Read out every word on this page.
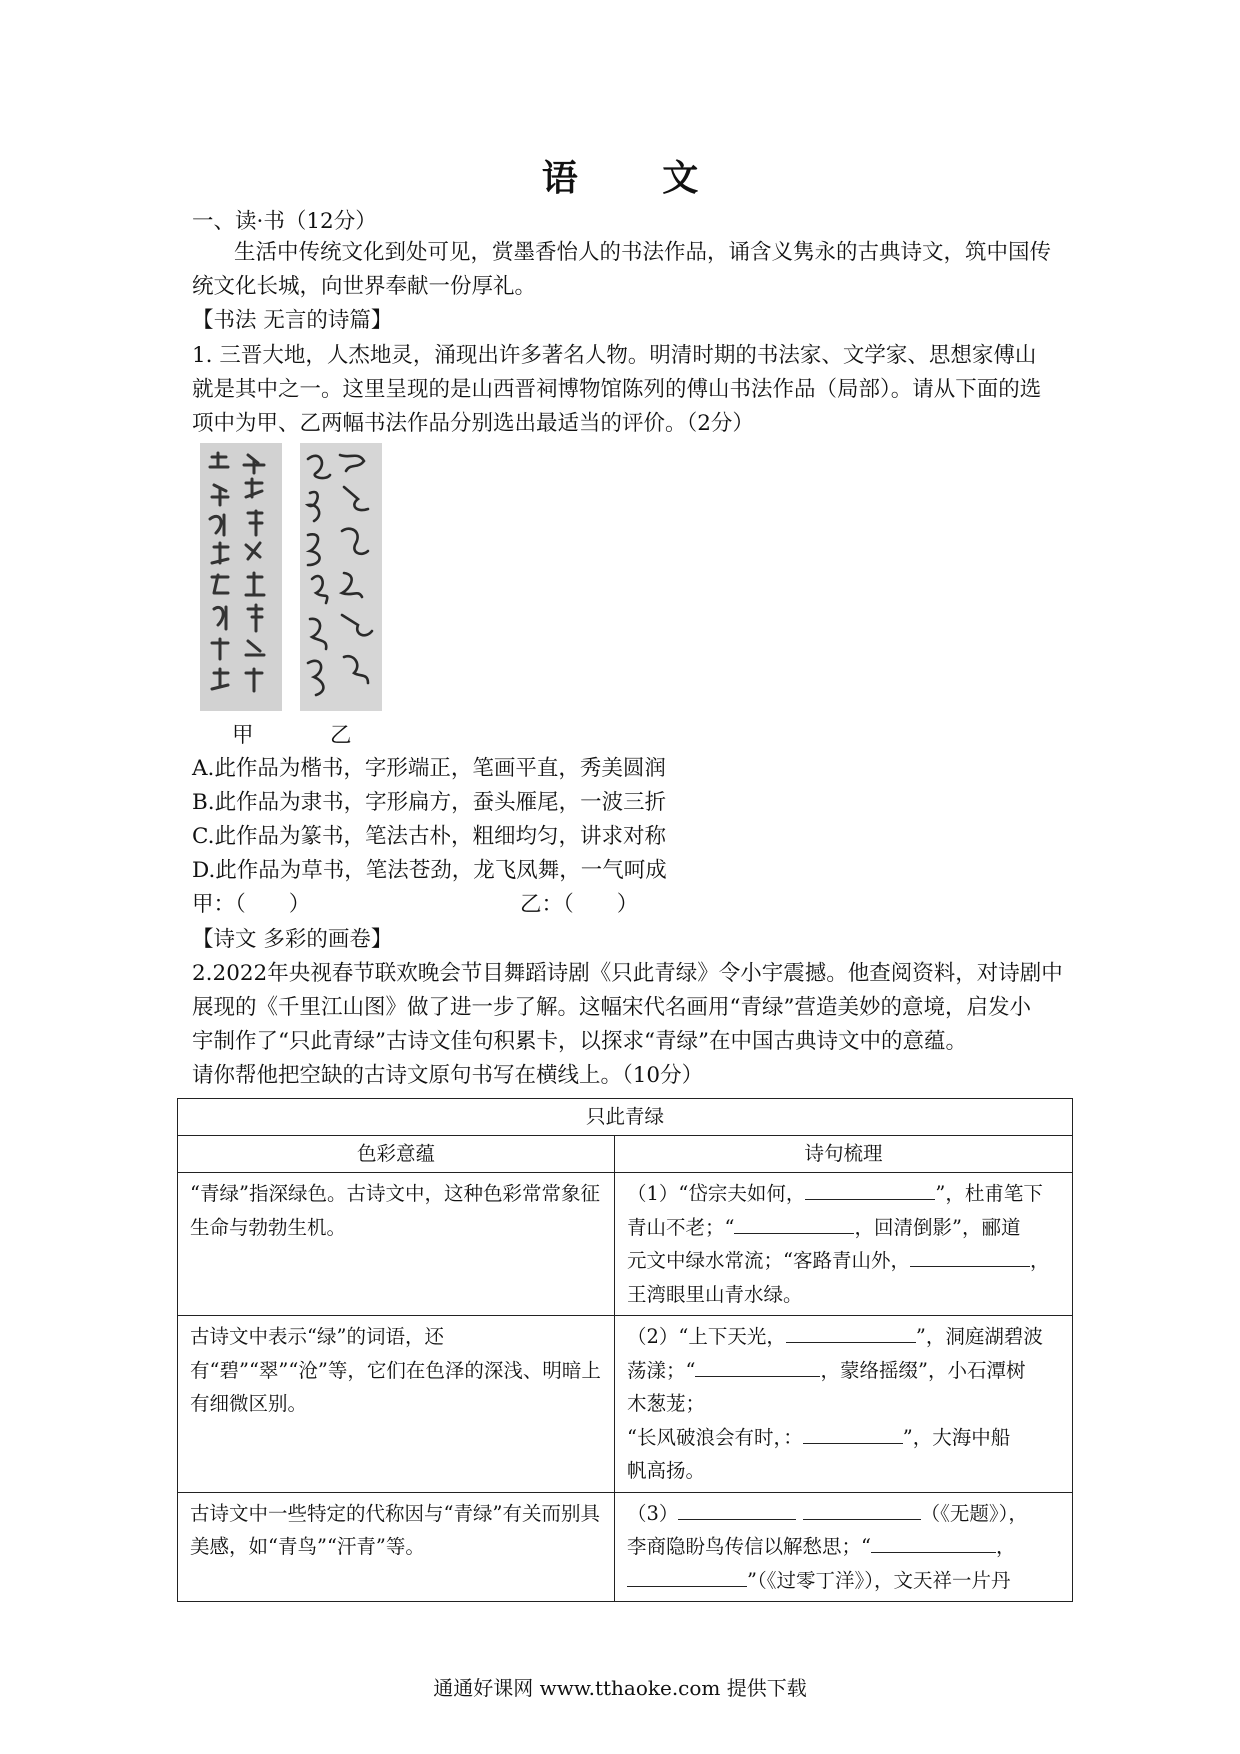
语 文
一、读·书（12分）
生活中传统文化到处可见，赏墨香怡人的书法作品，诵含义隽永的古典诗文，筑中国传
统文化长城，向世界奉献一份厚礼。
【书法 无言的诗篇】
1. 三晋大地，人杰地灵，涌现出许多著名人物。明清时期的书法家、文学家、思想家傅山
就是其中之一。这里呈现的是山西晋祠博物馆陈列的傅山书法作品（局部）。请从下面的选
项中为甲、乙两幅书法作品分别选出最适当的评价。（2分）
甲	乙
A.此作品为楷书，字形端正，笔画平直，秀美圆润
B.此作品为隶书，字形扁方，蚕头雁尾，一波三折
C.此作品为篆书，笔法古朴，粗细均匀，讲求对称
D.此作品为草书，笔法苍劲，龙飞凤舞，一气呵成
甲：（　　）	乙：（　　）
【诗文 多彩的画卷】
2.2022年央视春节联欢晚会节目舞蹈诗剧《只此青绿》令小宇震撼。他查阅资料，对诗剧中
展现的《千里江山图》做了进一步了解。这幅宋代名画用“青绿”营造美妙的意境，启发小
宇制作了“只此青绿”古诗文佳句积累卡，以探求“青绿”在中国古典诗文中的意蕴。
请你帮他把空缺的古诗文原句书写在横线上。（10分）
只此青绿	
色彩意蕴	诗句梳理
“青绿”指深绿色。古诗文中，这种色彩常常象征生命与勃勃生机。	（1）“岱宗夫如何， ”，杜甫笔下
青山不老；“ ，回清倒影”，郦道
元文中绿水常流；“客路青山外， ，
王湾眼里山青水绿。

古诗文中表示“绿”的词语，还有“碧”“翠”“沧”等，它们在色泽的深浅、明暗上有细微区别。	（2）“上下天光， ”，洞庭湖碧波
荡漾；“ ，蒙络摇缀”，小石潭树
木葱茏；
“长风破浪会有时，： ”，大海中船
帆高扬。

古诗文中一些特定的代称因与“青绿”有关而别具美感，如“青鸟”“汗青”等。	（3） （《无题》），
李商隐盼鸟传信以解愁思；“ ，
”（《过零丁洋》），文天祥一片丹
通通好课网 www.tthaoke.com 提供下载
